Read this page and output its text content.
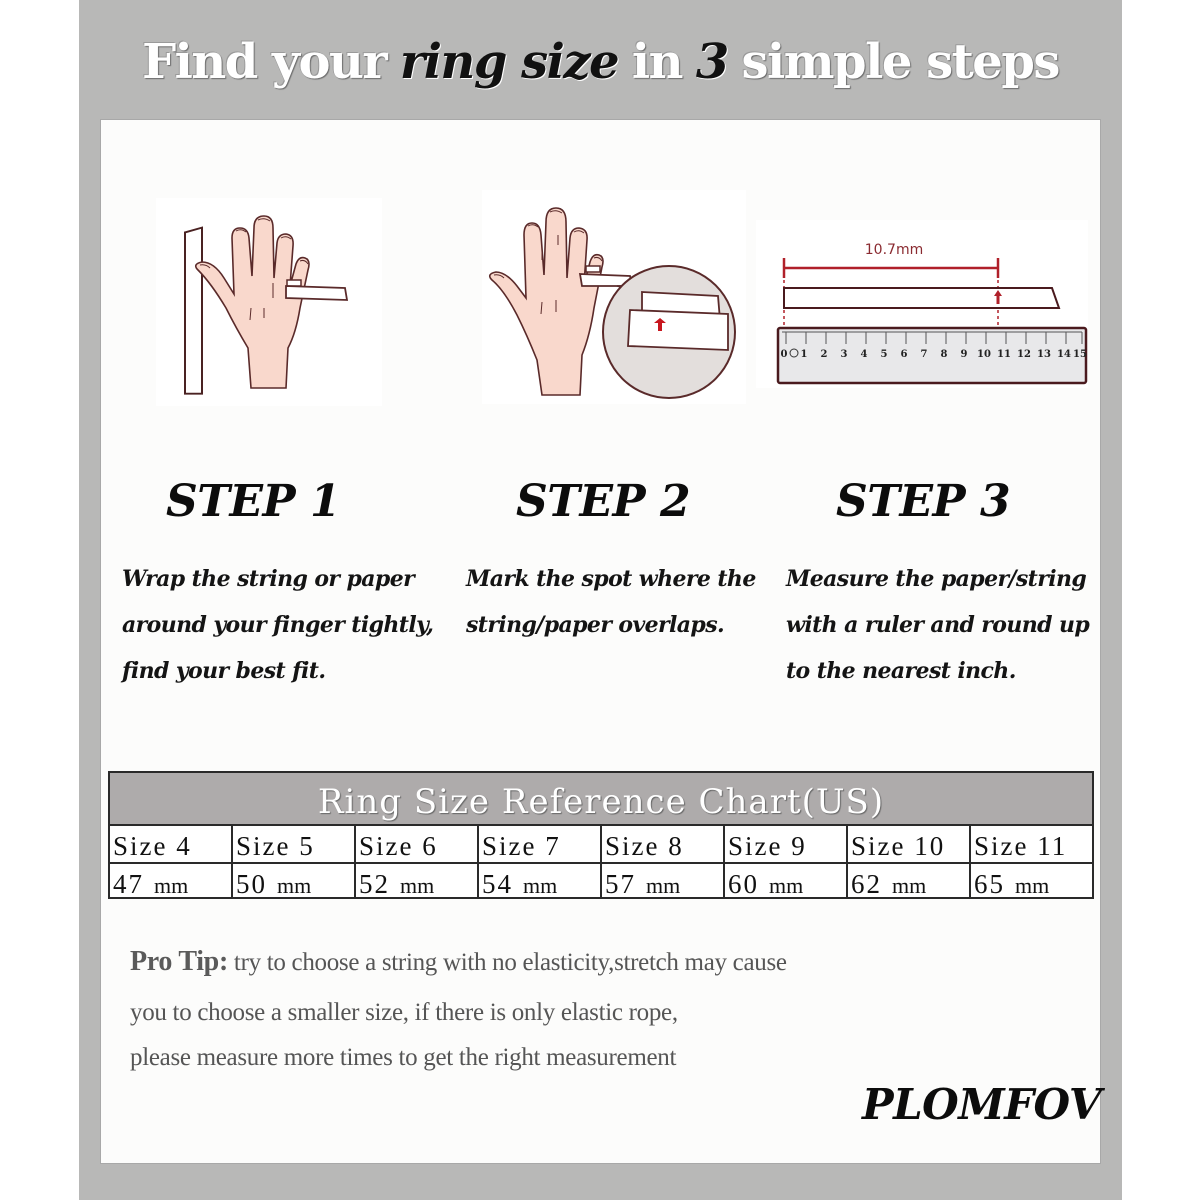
Find your ring size in 3 simple steps
10.7mm
0 1 2 3 4 5 6 7 8 9 10 11 12 13 14 15
STEP 1	STEP 2	STEP 3
Wrap the string or paper
around your finger tightly,
find your best fit.
Mark the spot where the
string/paper overlaps.
Measure the paper/string
with a ruler and round up
to the nearest inch.
Ring Size Reference Chart(US)
Size 4	Size 5	Size 6	Size 7	Size 8	Size 9	Size 10	Size 11
47 mm	50 mm	52 mm	54 mm	57 mm	60 mm	62 mm	65 mm
Pro Tip: try to choose a string with no elasticity,stretch may cause
you to choose a smaller size, if there is only elastic rope,
please measure more times to get the right measurement
PLOMFOV
